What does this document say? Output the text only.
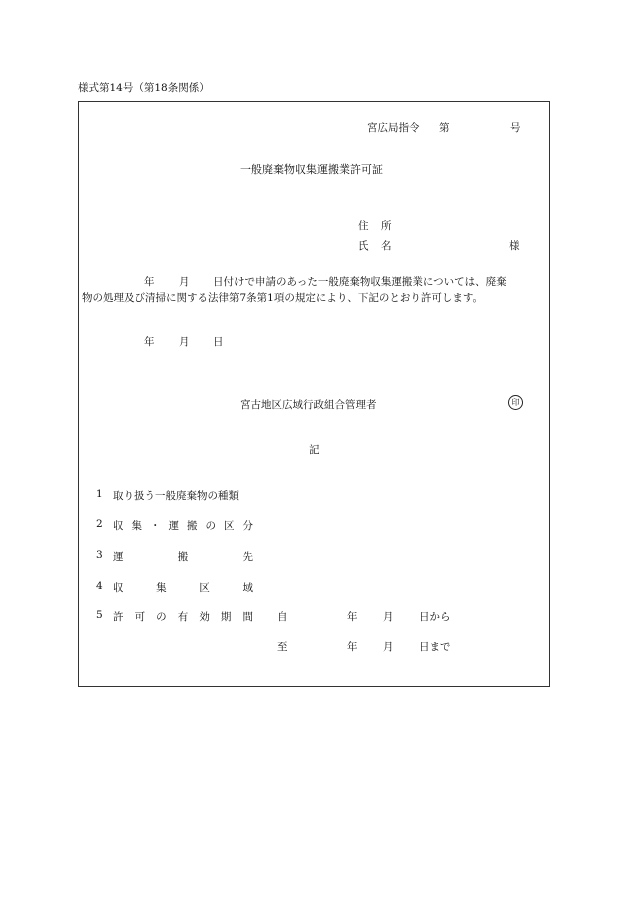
様式第14号（第18条関係）
宮広局指令 第	号
一般廃棄物収集運搬業許可証
住 所
氏 名	様
年 月 日付けで申請のあった一般廃棄物収集運搬業については、廃棄
物の処理及び清掃に関する法律第7条第1項の規定により、下記のとおり許可します。
年 月 日
宮古地区広域行政組合管理者	印
記
1 取り扱う一般廃棄物の種類
2 収 集 ・ 運 搬 の 区 分
3 運	搬	先
4 収	集	区	域
5 許 可 の 有 効 期 間 自	年 月 日から
至	年 月 日まで
